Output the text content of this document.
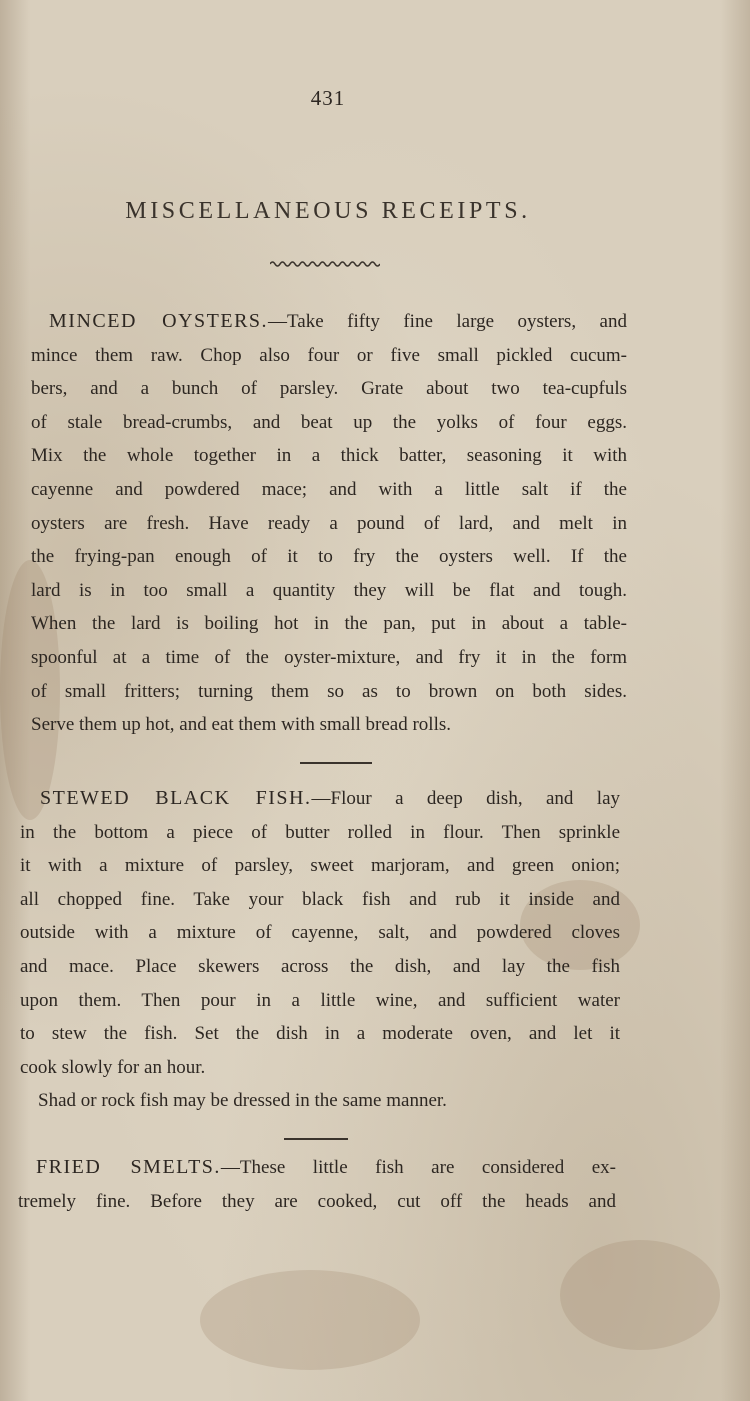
431
MISCELLANEOUS RECEIPTS.
MINCED OYSTERS.—Take fifty fine large oysters, and
mince them raw. Chop also four or five small pickled cucum-
bers, and a bunch of parsley. Grate about two tea-cupfuls
of stale bread-crumbs, and beat up the yolks of four eggs.
Mix the whole together in a thick batter, seasoning it with
cayenne and powdered mace; and with a little salt if the
oysters are fresh. Have ready a pound of lard, and melt in
the frying-pan enough of it to fry the oysters well. If the
lard is in too small a quantity they will be flat and tough.
When the lard is boiling hot in the pan, put in about a table-
spoonful at a time of the oyster-mixture, and fry it in the form
of small fritters; turning them so as to brown on both sides.
Serve them up hot, and eat them with small bread rolls.
STEWED BLACK FISH.—Flour a deep dish, and lay
in the bottom a piece of butter rolled in flour. Then sprinkle
it with a mixture of parsley, sweet marjoram, and green onion;
all chopped fine. Take your black fish and rub it inside and
outside with a mixture of cayenne, salt, and powdered cloves
and mace. Place skewers across the dish, and lay the fish
upon them. Then pour in a little wine, and sufficient water
to stew the fish. Set the dish in a moderate oven, and let it
cook slowly for an hour.
Shad or rock fish may be dressed in the same manner.
FRIED SMELTS.—These little fish are considered ex-
tremely fine. Before they are cooked, cut off the heads and
